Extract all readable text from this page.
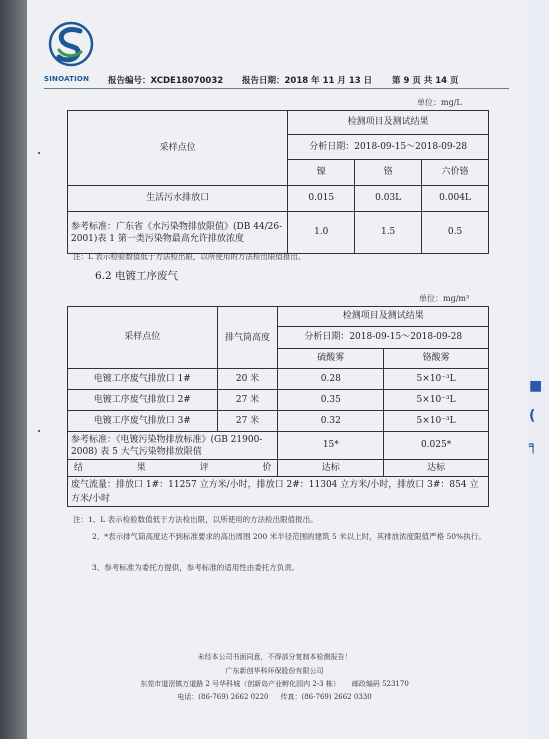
■
(
╕
SINOATION 报告编号：XCDE18070032 报告日期：2018 年 11 月 13 日 第 9 页 共 14 页
单位：mg/L
采样点位	检测项目及测试结果		
	分析日期：2018-09-15～2018-09-28		
	镍	铬	六价铬
生活污水排放口	0.015	0.03L	0.004L
参考标准：广东省《水污染物排放限值》(DB 44/26-2001)表 1 第一类污染物最高允许排放浓度	1.0	1.5	0.5
注：L 表示检验数值低于方法检出限，以所使用的方法检出限值报出。
6.2 电镀工序废气
单位：mg/m³
采样点位	排气筒高度	检测项目及测试结果	
		分析日期：2018-09-15～2018-09-28	
		硫酸雾	铬酸雾
电镀工序废气排放口 1#	20 米	0.28	5×10⁻³L
电镀工序废气排放口 2#	27 米	0.35	5×10⁻³L
电镀工序废气排放口 3#	27 米	0.32	5×10⁻³L
参考标准：《电镀污染物排放标准》(GB 21900-2008) 表 5 大气污染物排放限值		15*	0.025*
结 果 评 价		达标	达标
废气流量：排放口 1#：11257 立方米/小时，排放口 2#：11304 立方米/小时，排放口 3#：854 立方米/小时			
注：1、L 表示检验数值低于方法检出限，以所使用的方法检出限值报出。
2、*表示排气筒高度达不到标准要求的高出周围 200 米半径范围的建筑 5 米以上时，其排放浓度限值严格 50%执行。
3、参考标准为委托方提供，参考标准的适用性由委托方负责。
未经本公司书面同意，不得部分复制本检测报告！
广东新创华科环保股份有限公司
东莞市道滘镇万道路 2 号华科城（创新岛产业孵化园内 2-3 栋） 邮政编码 523170
电话：(86-769) 2662 0220 传真：(86-769) 2662 0330
